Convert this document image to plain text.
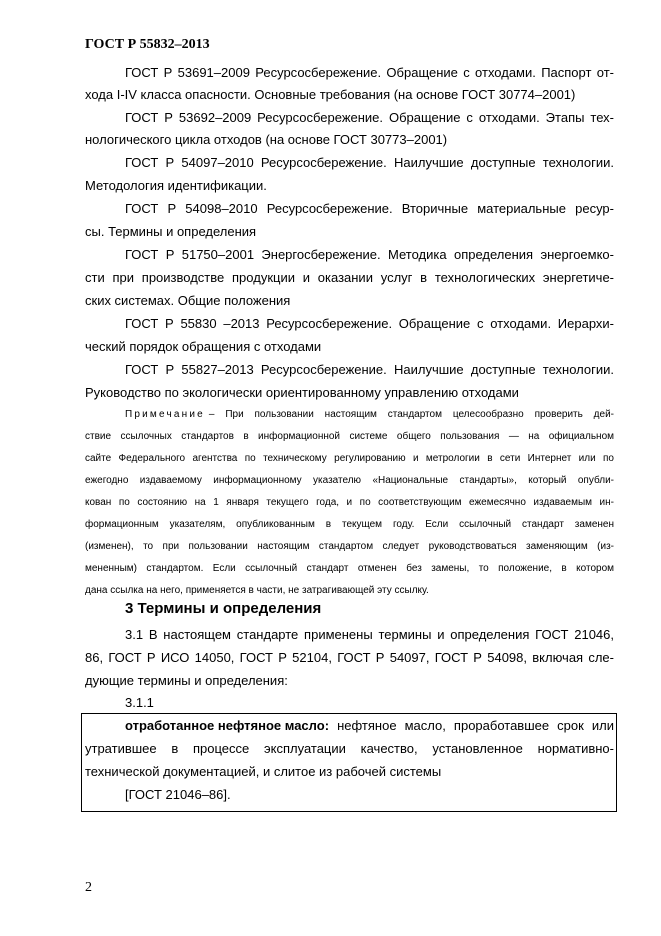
ГОСТ Р 55832–2013
ГОСТ Р 53691–2009 Ресурсосбережение. Обращение с отходами. Паспорт от-
хода I-IV класса опасности. Основные требования (на основе ГОСТ 30774–2001)
ГОСТ Р 53692–2009 Ресурсосбережение. Обращение с отходами. Этапы тех-
нологического цикла отходов (на основе ГОСТ 30773–2001)
ГОСТ Р 54097–2010 Ресурсосбережение. Наилучшие доступные технологии.
Методология идентификации.
ГОСТ Р 54098–2010 Ресурсосбережение. Вторичные материальные ресур-
сы. Термины и определения
ГОСТ Р 51750–2001 Энергосбережение. Методика определения энергоемко-
сти при производстве продукции и оказании услуг в технологических энергетиче-
ских системах. Общие положения
ГОСТ Р 55830 –2013 Ресурсосбережение. Обращение с отходами. Иерархи-
ческий порядок обращения с отходами
ГОСТ Р 55827–2013 Ресурсосбережение. Наилучшие доступные технологии.
Руководство по экологически ориентированному управлению отходами
Примечание – При пользовании настоящим стандартом целесообразно проверить дей-
ствие ссылочных стандартов в информационной системе общего пользования — на официальном
сайте Федерального агентства по техническому регулированию и метрологии в сети Интернет или по
ежегодно издаваемому информационному указателю «Национальные стандарты», который опубли-
кован по состоянию на 1 января текущего года, и по соответствующим ежемесячно издаваемым ин-
формационным указателям, опубликованным в текущем году. Если ссылочный стандарт заменен
(изменен), то при пользовании настоящим стандартом следует руководствоваться заменяющим (из-
мененным) стандартом. Если ссылочный стандарт отменен без замены, то положение, в котором
дана ссылка на него, применяется в части, не затрагивающей эту ссылку.
3 Термины и определения
3.1 В настоящем стандарте применены термины и определения ГОСТ 21046,
86, ГОСТ Р ИСО 14050, ГОСТ Р 52104, ГОСТ Р 54097, ГОСТ Р 54098, включая сле-
дующие термины и определения:
3.1.1
отработанное нефтяное масло: нефтяное масло, проработавшее срок или
утратившее в процессе эксплуатации качество, установленное нормативно-
технической документацией, и слитое из рабочей системы
[ГОСТ 21046–86].
2
